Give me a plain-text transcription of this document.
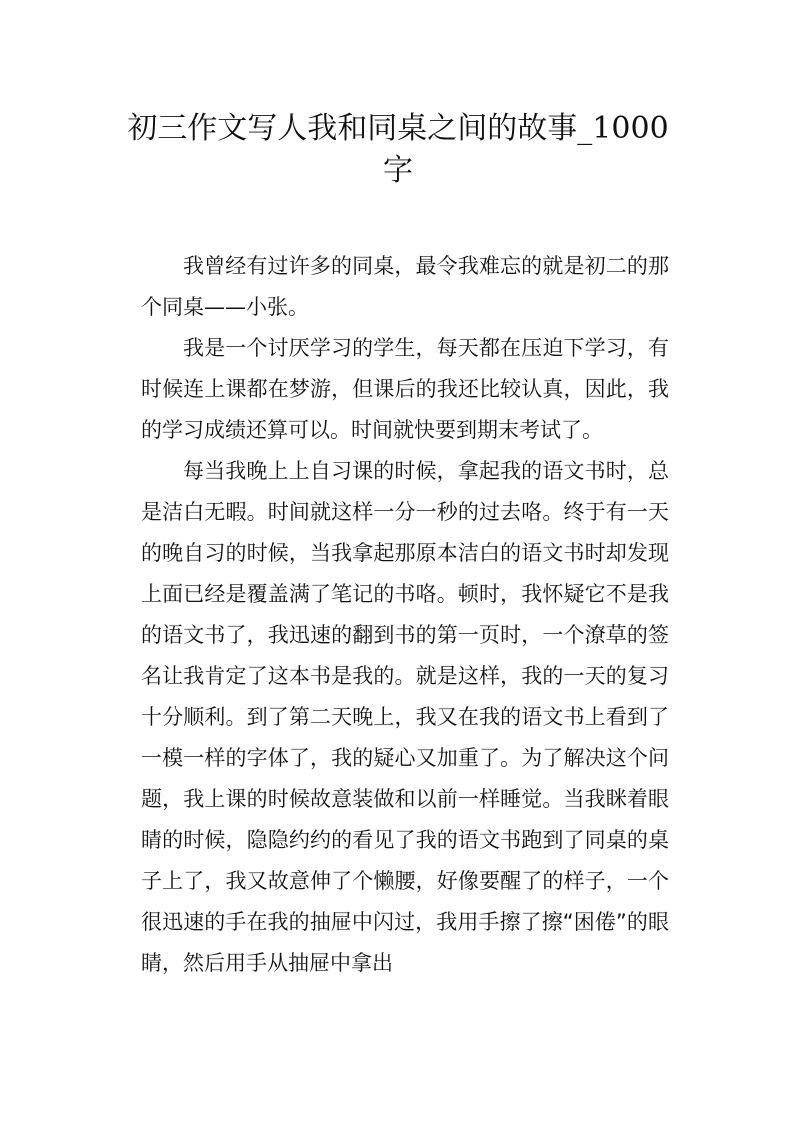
初三作文写人我和同桌之间的故事_1000字

我曾经有过许多的同桌，最令我难忘的就是初二的那个同桌——小张。

我是一个讨厌学习的学生，每天都在压迫下学习，有时候连上课都在梦游，但课后的我还比较认真，因此，我的学习成绩还算可以。时间就快要到期末考试了。

每当我晚上上自习课的时候，拿起我的语文书时，总是洁白无暇。时间就这样一分一秒的过去咯。终于有一天的晚自习的时候，当我拿起那原本洁白的语文书时却发现上面已经是覆盖满了笔记的书咯。顿时，我怀疑它不是我的语文书了，我迅速的翻到书的第一页时，一个潦草的签名让我肯定了这本书是我的。就是这样，我的一天的复习十分顺利。到了第二天晚上，我又在我的语文书上看到了一模一样的字体了，我的疑心又加重了。为了解决这个问题，我上课的时候故意装做和以前一样睡觉。当我眯着眼睛的时候，隐隐约约的看见了我的语文书跑到了同桌的桌子上了，我又故意伸了个懒腰，好像要醒了的样子，一个很迅速的手在我的抽屉中闪过，我用手擦了擦“困倦”的眼睛，然后用手从抽屉中拿出
